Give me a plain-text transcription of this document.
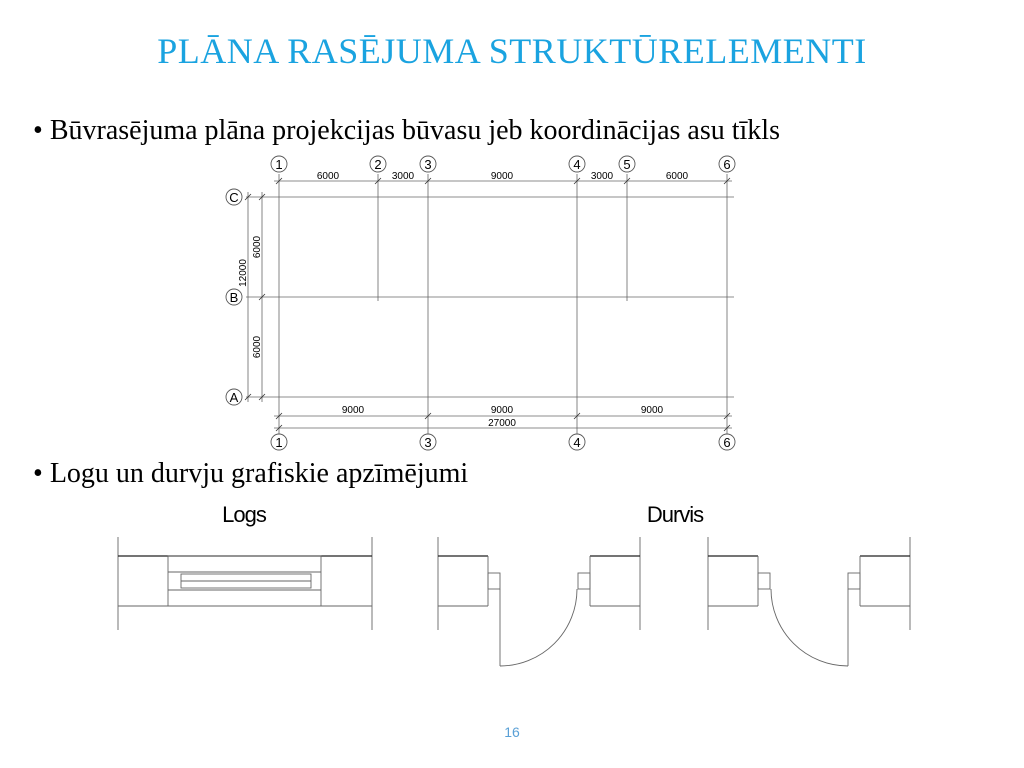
PLĀNA RASĒJUMA STRUKTŪRELEMENTI
• Būvrasējuma plāna projekcijas būvasu jeb koordinācijas asu tīkls
1	2	3	4	5	6
1	3	4	6
C
B
A
6000	3000	9000	3000	6000
9000	9000	9000
27000
6000
6000
12000
Logs	Durvis
• Logu un durvju grafiskie apzīmējumi
16
